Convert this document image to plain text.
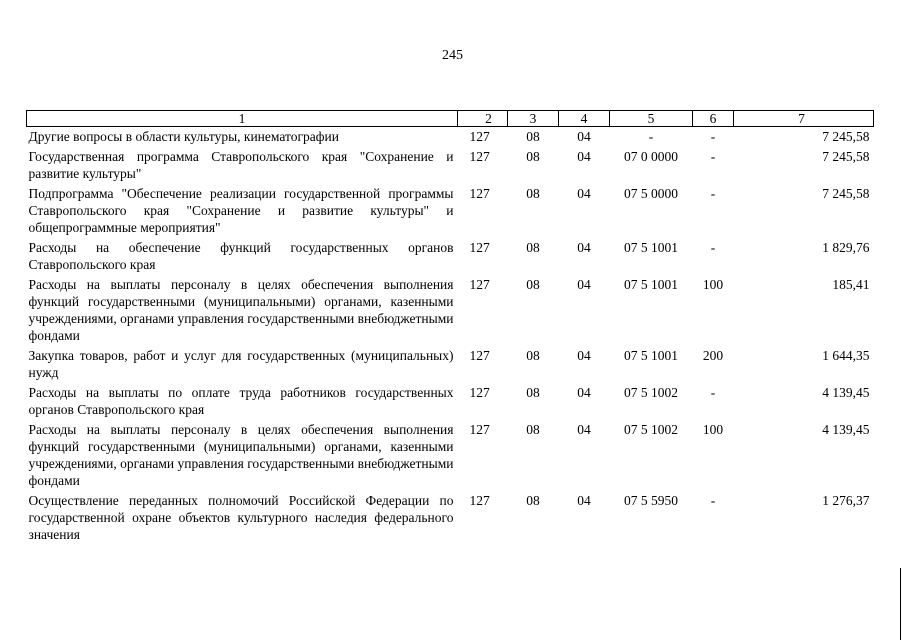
245
1	2	3	4	5	6	7

Другие вопросы в области культуры, кинематографии	127	08	04	-	-	7 245,58

Государственная программа Ставропольского края "Сохранение и развитие культуры"	127	08	04	07 0 0000	-	7 245,58

Подпрограмма "Обеспечение реализации государственной программы Ставропольского края "Сохранение и развитие культуры" и общепрограммные мероприятия"	127	08	04	07 5 0000	-	7 245,58

Расходы на обеспечение функций государственных органов Ставропольского края	127	08	04	07 5 1001	-	1 829,76

Расходы на выплаты персоналу в целях обеспечения выполнения функций государственными (муниципальными) органами, казенными учреждениями, органами управления государственными внебюджетными фондами	127	08	04	07 5 1001	100	185,41

Закупка товаров, работ и услуг для государственных (муниципальных) нужд	127	08	04	07 5 1001	200	1 644,35

Расходы на выплаты по оплате труда работников государственных органов Ставропольского края	127	08	04	07 5 1002	-	4 139,45

Расходы на выплаты персоналу в целях обеспечения выполнения функций государственными (муниципальными) органами, казенными учреждениями, органами управления государственными внебюджетными фондами	127	08	04	07 5 1002	100	4 139,45

Осуществление переданных полномочий Российской Федерации по государственной охране объектов культурного наследия федерального значения	127	08	04	07 5 5950	-	1 276,37
